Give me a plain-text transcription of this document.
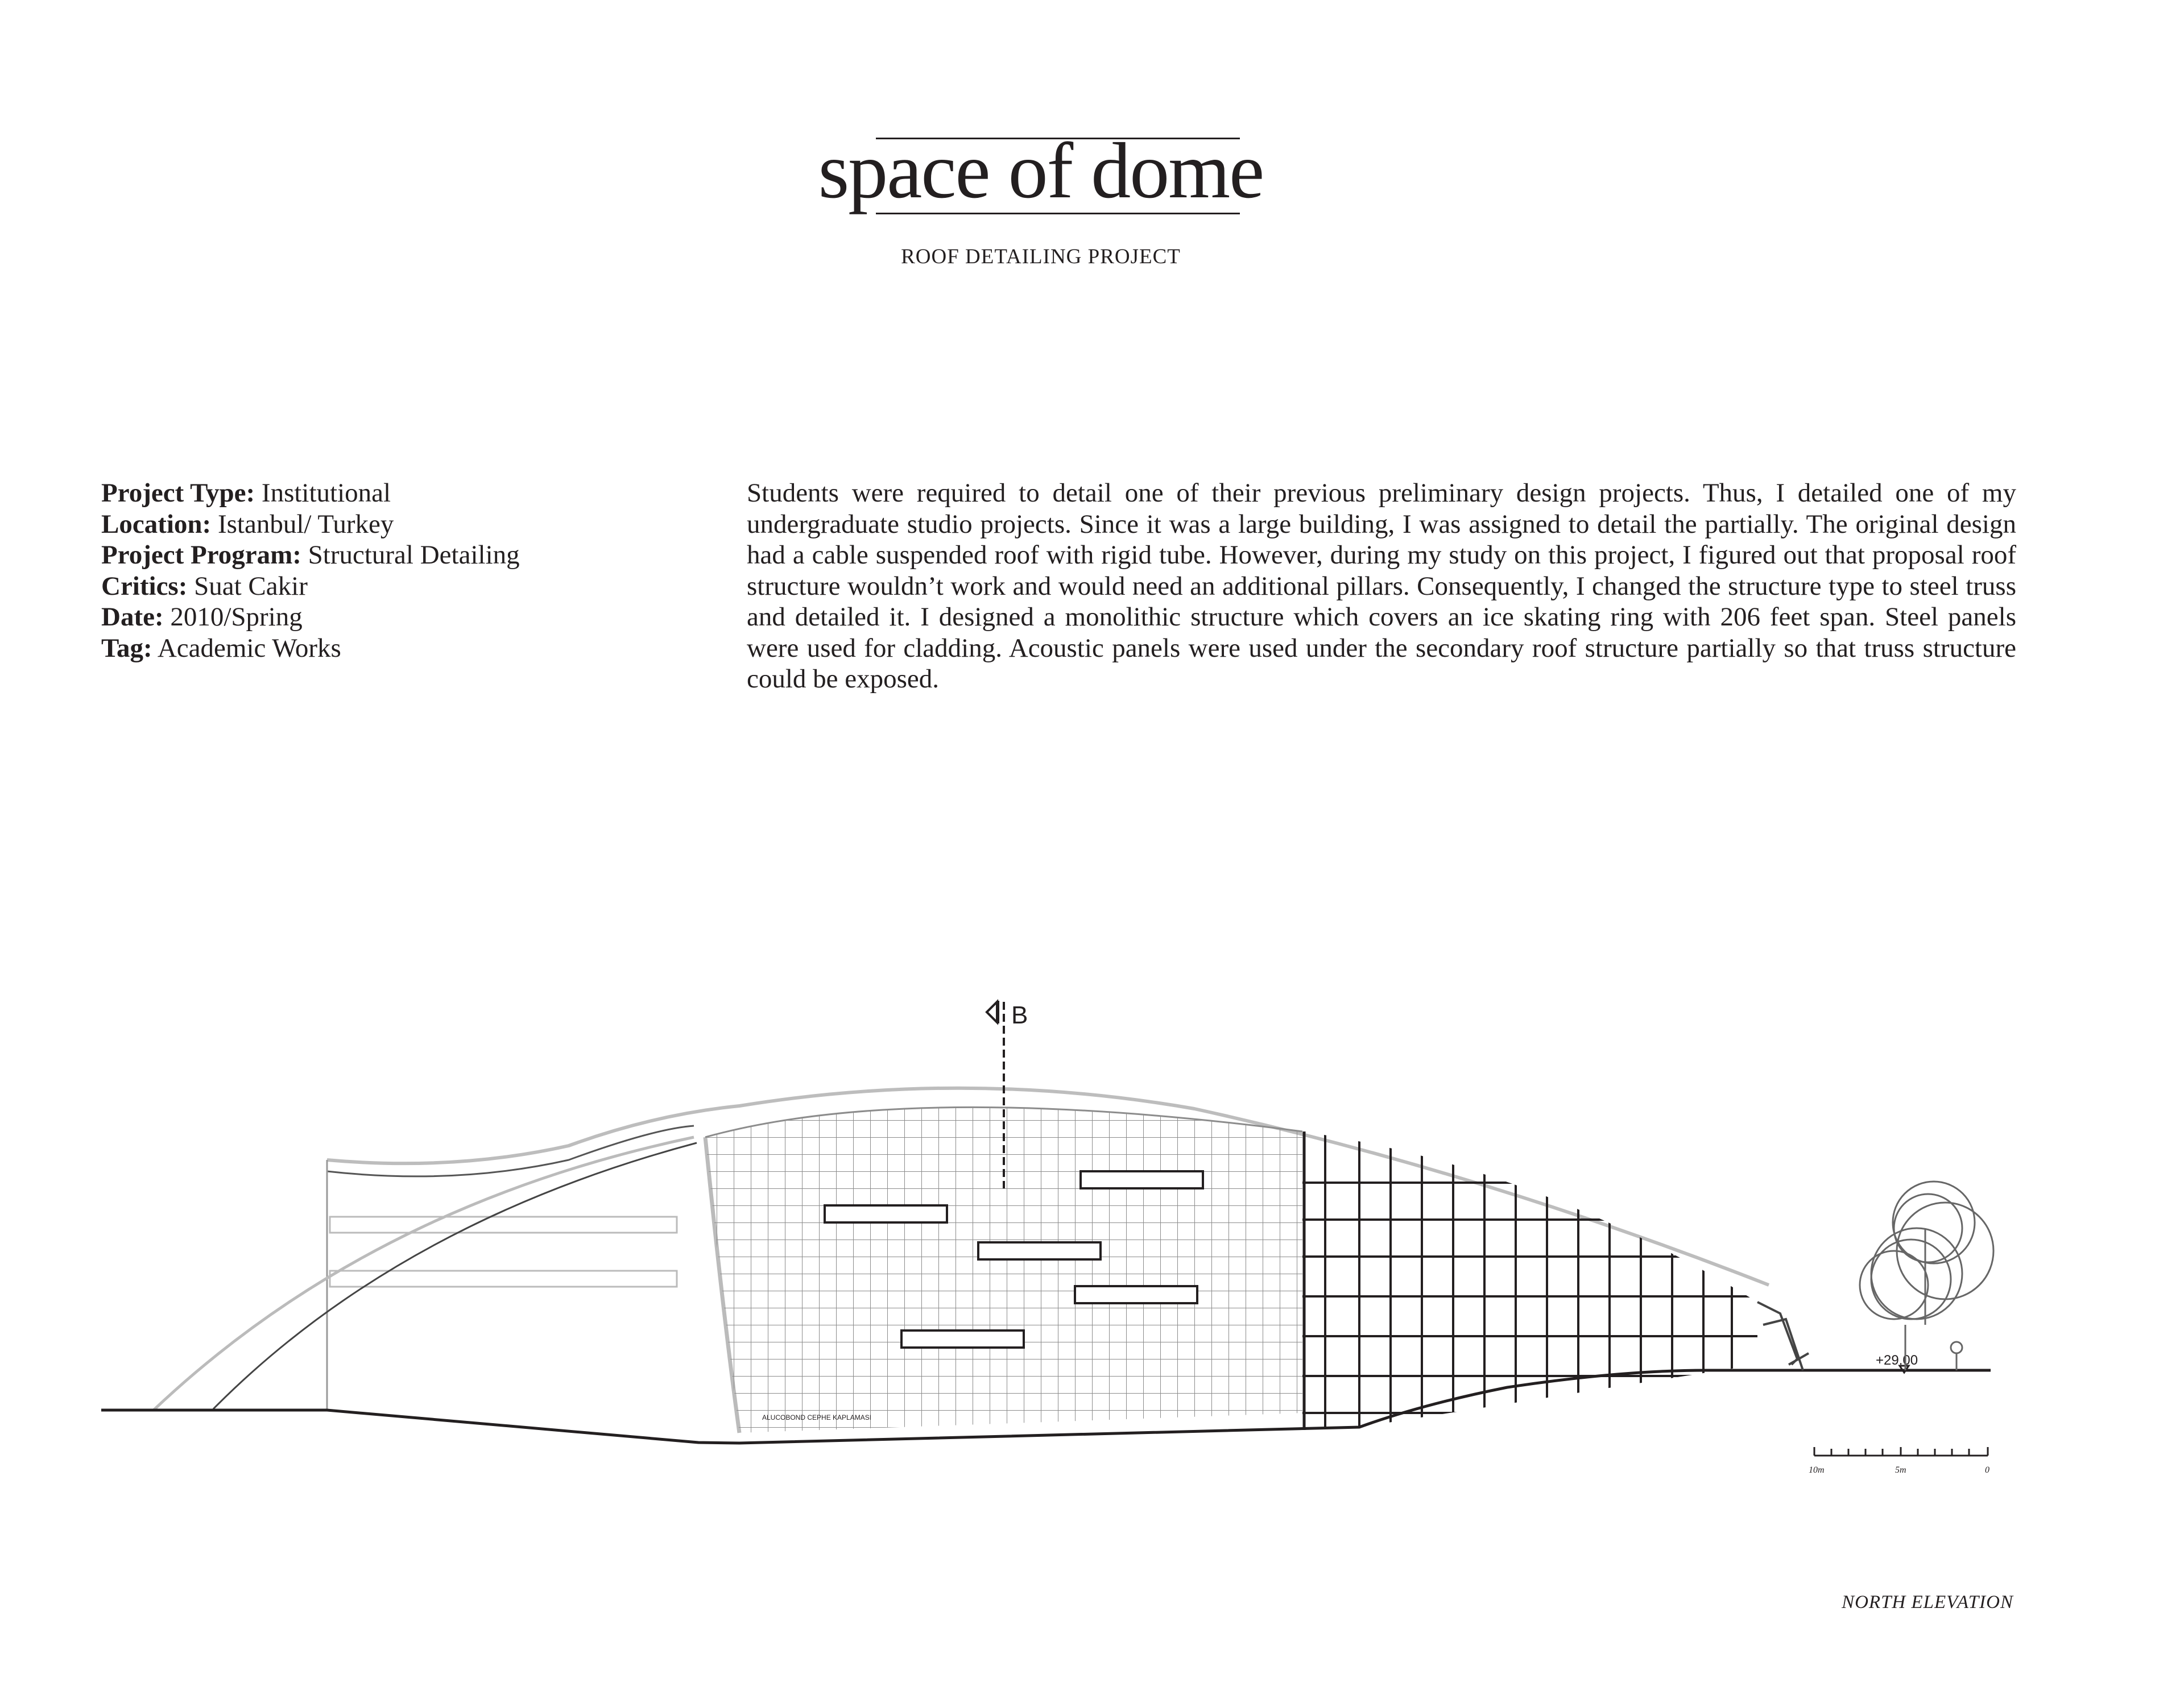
space of dome
ROOF DETAILING PROJECT
Project Type: Institutional
Location: Istanbul/ Turkey
Project Program: Structural Detailing
Critics: Suat Cakir
Date: 2010/Spring
Tag: Academic Works
Students were required to detail one of their previous preliminary design projects. Thus, I detailed one of my undergraduate studio projects. Since it was a large building, I was assigned to detail the partially. The original design had a cable suspended roof with rigid tube. However, during my study on this project, I figured out that proposal roof structure wouldn’t work and would need an additional pillars. Consequently, I changed the structure type to steel truss and detailed it. I designed a monolithic structure which covers an ice skating ring with 206 feet span. Steel panels were used for cladding. Acoustic panels were used under the secondary roof structure partially so that truss structure could be exposed.
B
ALUCOBOND CEPHE KAPLAMASI
+29.00
10m	5m	0
NORTH ELEVATION
